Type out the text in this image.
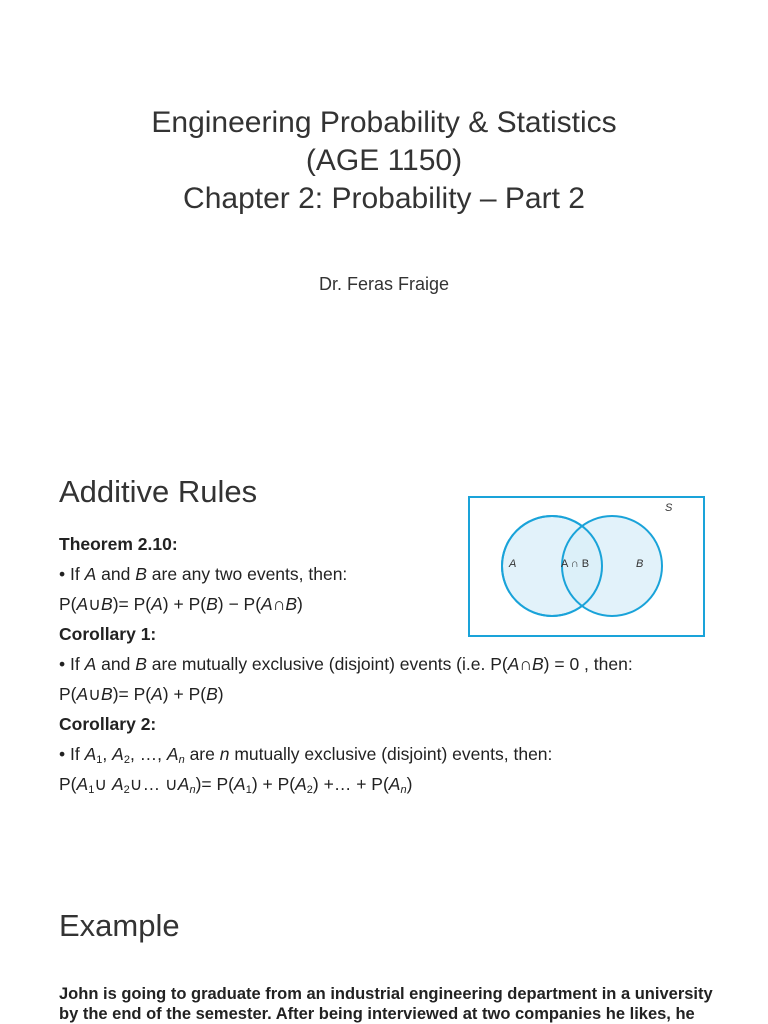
Engineering Probability & Statistics
(AGE 1150)
Chapter 2: Probability – Part 2
Dr. Feras Fraige
Additive Rules	S
A	A ∩ B	B
Theorem 2.10:
• If A and B are any two events, then:
P(A∪B)= P(A) + P(B) − P(A∩B)
Corollary 1:
• If A and B are mutually exclusive (disjoint) events (i.e. P(A∩B) = 0 , then:
P(A∪B)= P(A) + P(B)
Corollary 2:
• If $A_1$, $A_2$, …, $A_n$ are n mutually exclusive (disjoint) events, then:
$P(A_1\cup$ $A_2\cup\dots$ $\cup A_n)= P(A_1) + P(A_2)$ +… + $P(A_n)$
Example
John is going to graduate from an industrial engineering department in a university
by the end of the semester. After being interviewed at two companies he likes, he
